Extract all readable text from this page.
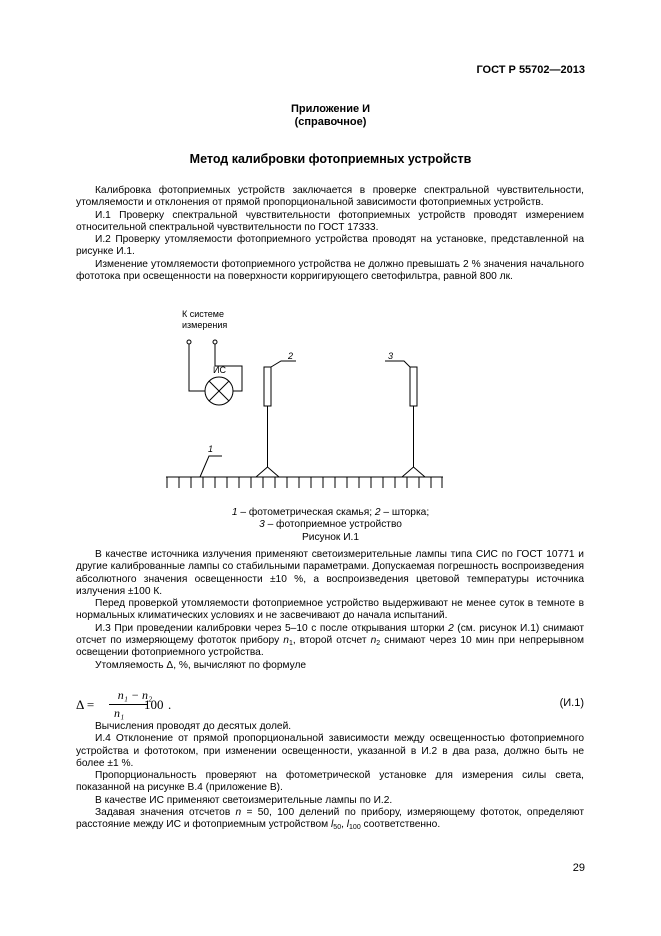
ГОСТ Р 55702—2013
Приложение И
(справочное)
Метод калибровки фотоприемных устройств

Калибровка фотоприемных устройств заключается в проверке спектральной чувствительности, утомляемости и отклонения от прямой пропорциональной зависимости фотоприемных устройств.

И.1 Проверку спектральной чувствительности фотоприемных устройств проводят измерением относительной спектральной чувствительности по ГОСТ 17333.

И.2 Проверку утомляемости фотоприемного устройства проводят на установке, представленной на рисунке И.1.

Изменение утомляемости фотоприемного устройства не должно превышать 2 % значения начального фототока при освещенности на поверхности корригирующего светофильтра, равной 800 лк.

К системе
измерения
ИС
2	3
1
1 – фотометрическая скамья; 2 – шторка;
3 – фотоприемное устройство
Рисунок И.1

В качестве источника излучения применяют светоизмерительные лампы типа СИС по ГОСТ 10771 и другие калиброванные лампы со стабильными параметрами. Допускаемая погрешность воспроизведения абсолютного значения освещенности ±10 %, а воспроизведения цветовой температуры источника излучения ±100 К.

Перед проверкой утомляемости фотоприемное устройство выдерживают не менее суток в темноте в нормальных климатических условиях и не засвечивают до начала испытаний.

И.3 При проведении калибровки через 5–10 с после открывания шторки 2 (см. рисунок И.1) снимают отсчет по измеряющему фототок прибору $n_1$, второй отсчет $n_2$ снимают через 10 мин при непрерывном освещении фотоприемного устройства.

Утомляемость Δ, %, вычисляют по формуле

Δ =
n₁ − n₂
n₁
100 .	(И.1)

Вычисления проводят до десятых долей.

И.4 Отклонение от прямой пропорциональной зависимости между освещенностью фотоприемного устройства и фототоком, при изменении освещенности, указанной в И.2 в два раза, должно быть не более ±1 %.

Пропорциональность проверяют на фотометрической установке для измерения силы света, показанной на рисунке В.4 (приложение В).

В качестве ИС применяют светоизмерительные лампы по И.2.

Задавая значения отсчетов n = 50, 100 делений по прибору, измеряющему фототок, определяют расстояние между ИС и фотоприемным устройством $l_{50}$, $l_{100}$ соответственно.

29
